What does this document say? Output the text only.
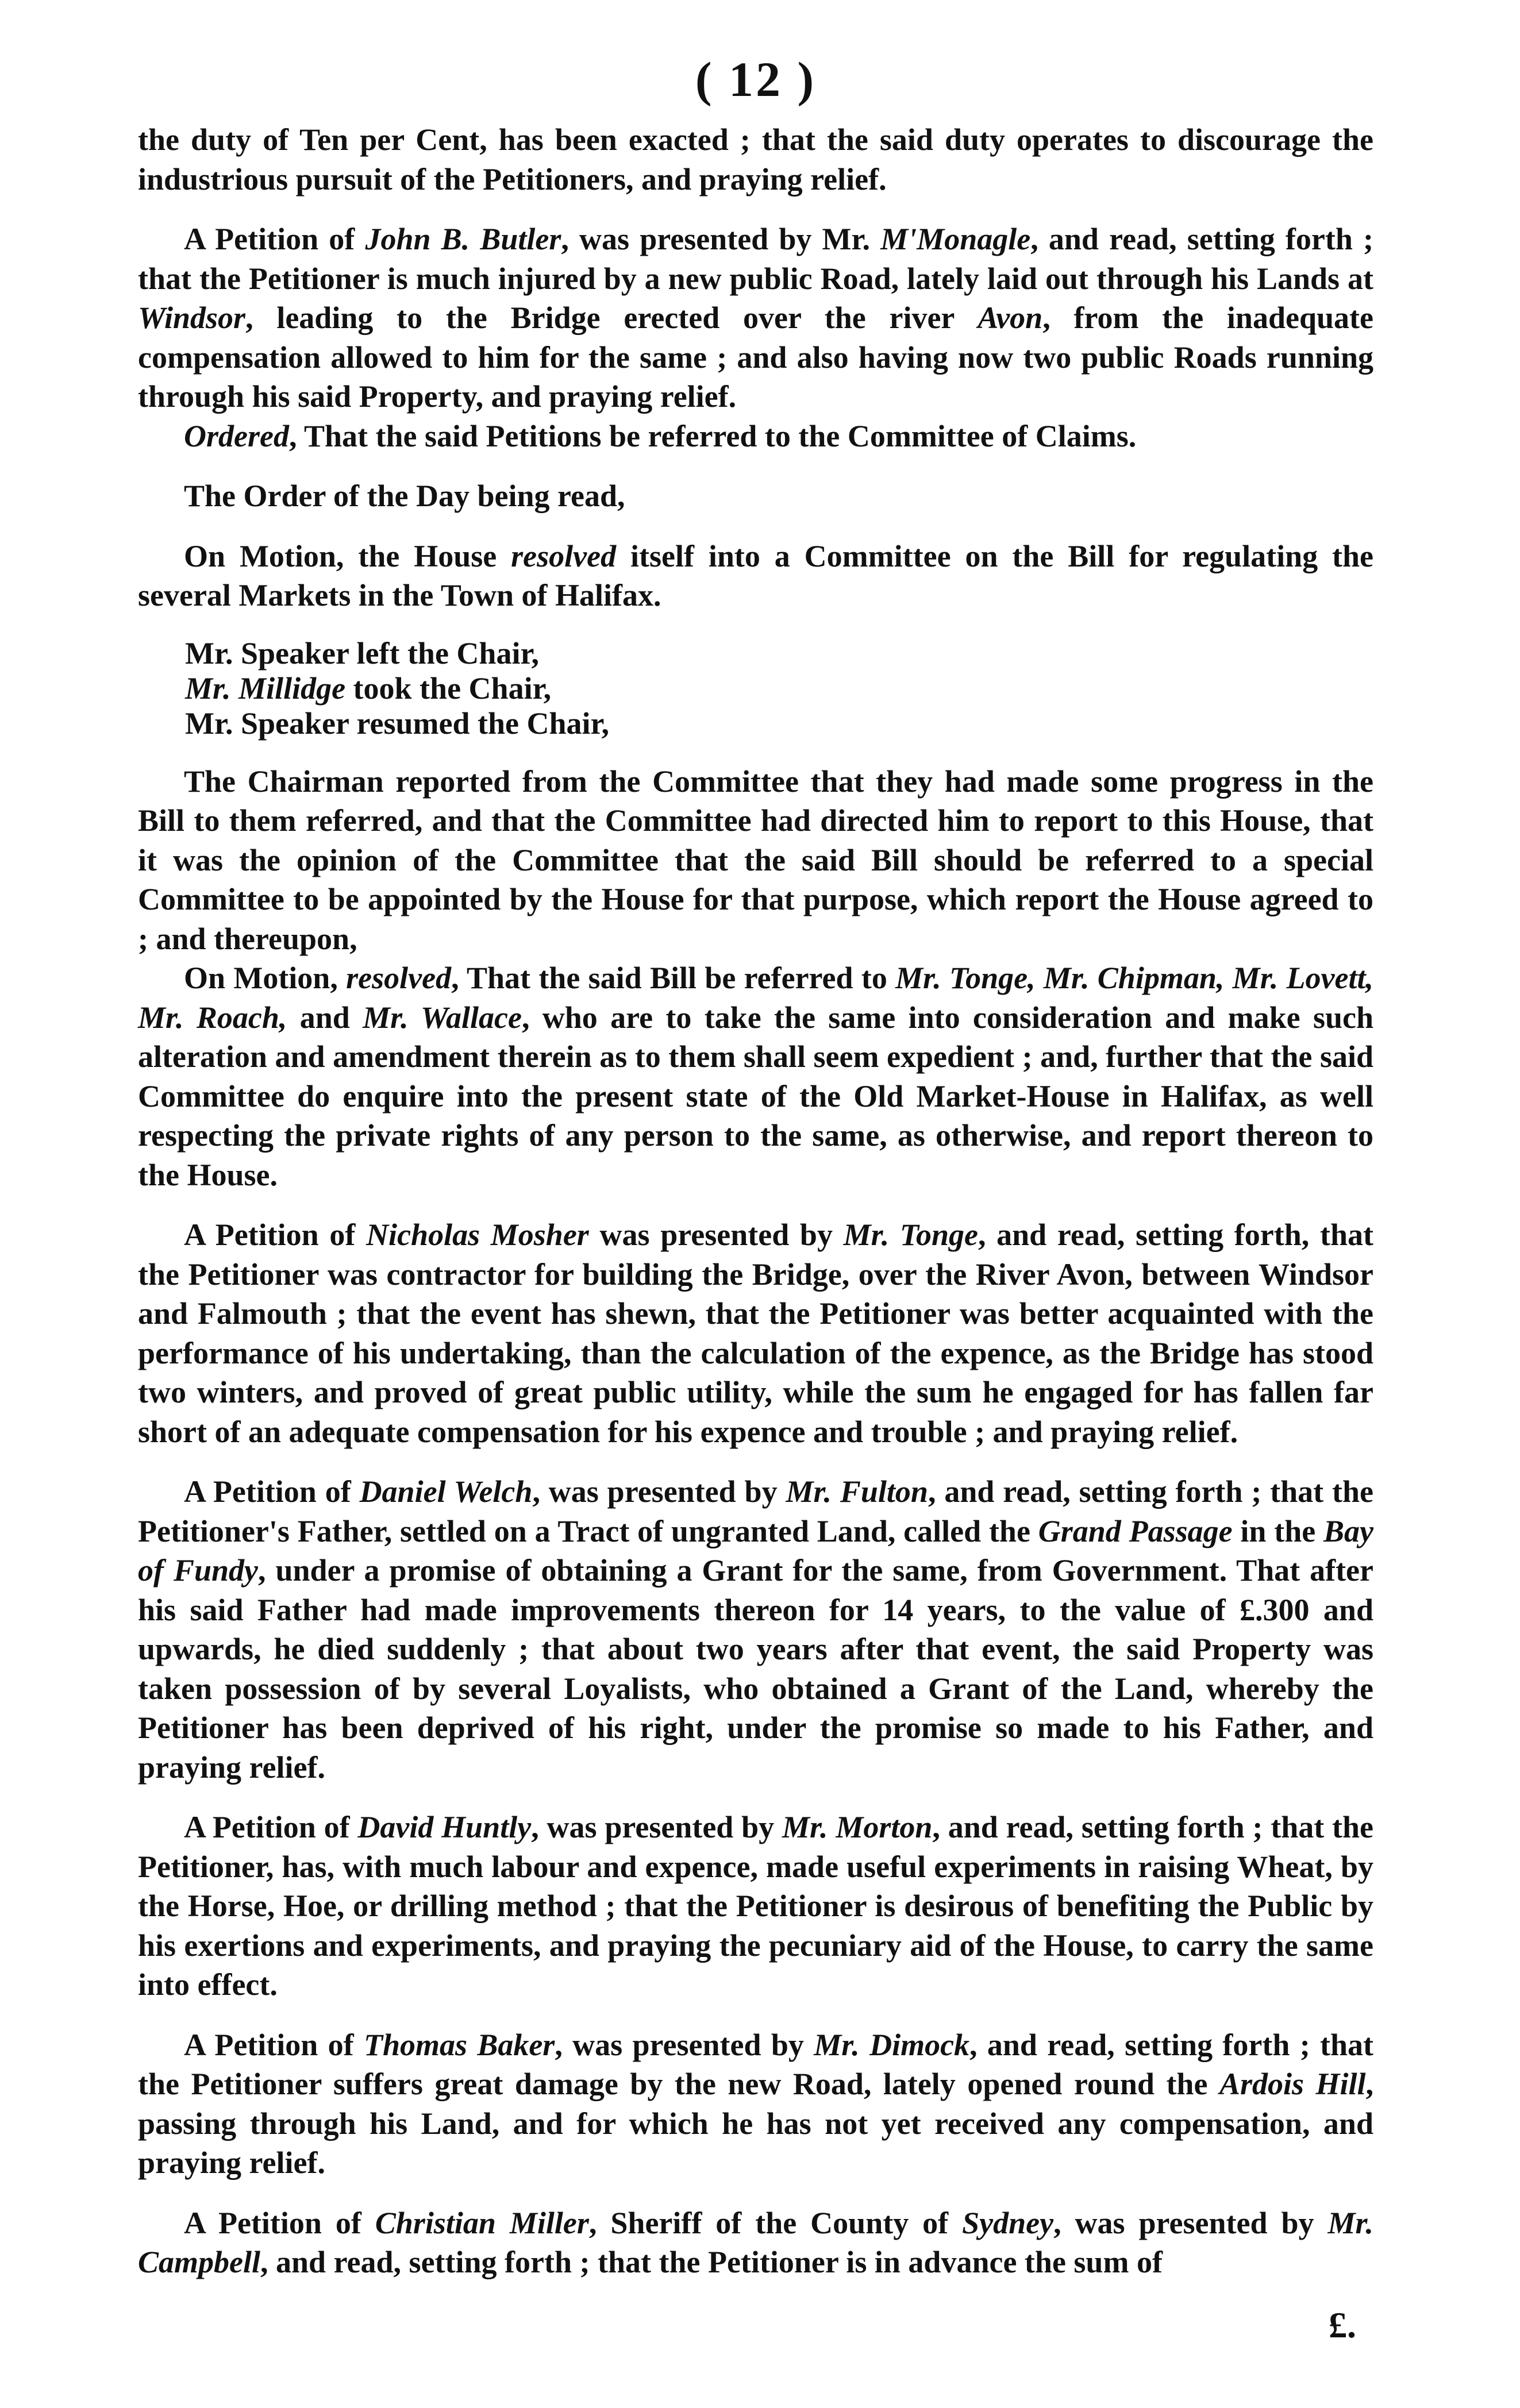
( 12 )

the duty of Ten per Cent, has been exacted ; that the said duty operates to discourage the industrious pursuit of the Petitioners, and praying relief.

A Petition of John B. Butler, was presented by Mr. M'Monagle, and read, setting forth ; that the Petitioner is much injured by a new public Road, lately laid out through his Lands at Windsor, leading to the Bridge erected over the river Avon, from the inadequate compensation allowed to him for the same ; and also having now two public Roads running through his said Property, and praying relief.

Ordered, That the said Petitions be referred to the Committee of Claims.

The Order of the Day being read,

On Motion, the House resolved itself into a Committee on the Bill for regulating the several Markets in the Town of Halifax.

Mr. Speaker left the Chair,
Mr. Millidge took the Chair,
Mr. Speaker resumed the Chair,

The Chairman reported from the Committee that they had made some progress in the Bill to them referred, and that the Committee had directed him to report to this House, that it was the opinion of the Committee that the said Bill should be referred to a special Committee to be appointed by the House for that purpose, which report the House agreed to ; and thereupon,

On Motion, resolved, That the said Bill be referred to Mr. Tonge, Mr. Chipman, Mr. Lovett, Mr. Roach, and Mr. Wallace, who are to take the same into consideration and make such alteration and amendment therein as to them shall seem expedient ; and, further that the said Committee do enquire into the present state of the Old Market-House in Halifax, as well respecting the private rights of any person to the same, as otherwise, and report thereon to the House.

A Petition of Nicholas Mosher was presented by Mr. Tonge, and read, setting forth, that the Petitioner was contractor for building the Bridge, over the River Avon, between Windsor and Falmouth ; that the event has shewn, that the Petitioner was better acquainted with the performance of his undertaking, than the calculation of the expence, as the Bridge has stood two winters, and proved of great public utility, while the sum he engaged for has fallen far short of an adequate compensation for his expence and trouble ; and praying relief.

A Petition of Daniel Welch, was presented by Mr. Fulton, and read, setting forth ; that the Petitioner's Father, settled on a Tract of ungranted Land, called the Grand Passage in the Bay of Fundy, under a promise of obtaining a Grant for the same, from Government. That after his said Father had made improvements thereon for 14 years, to the value of £.300 and upwards, he died suddenly ; that about two years after that event, the said Property was taken possession of by several Loyalists, who obtained a Grant of the Land, whereby the Petitioner has been deprived of his right, under the promise so made to his Father, and praying relief.

A Petition of David Huntly, was presented by Mr. Morton, and read, setting forth ; that the Petitioner, has, with much labour and expence, made useful experiments in raising Wheat, by the Horse, Hoe, or drilling method ; that the Petitioner is desirous of benefiting the Public by his exertions and experiments, and praying the pecuniary aid of the House, to carry the same into effect.

A Petition of Thomas Baker, was presented by Mr. Dimock, and read, setting forth ; that the Petitioner suffers great damage by the new Road, lately opened round the Ardois Hill, passing through his Land, and for which he has not yet received any compensation, and praying relief.

A Petition of Christian Miller, Sheriff of the County of Sydney, was presented by Mr. Campbell, and read, setting forth ; that the Petitioner is in advance the sum of

£.
